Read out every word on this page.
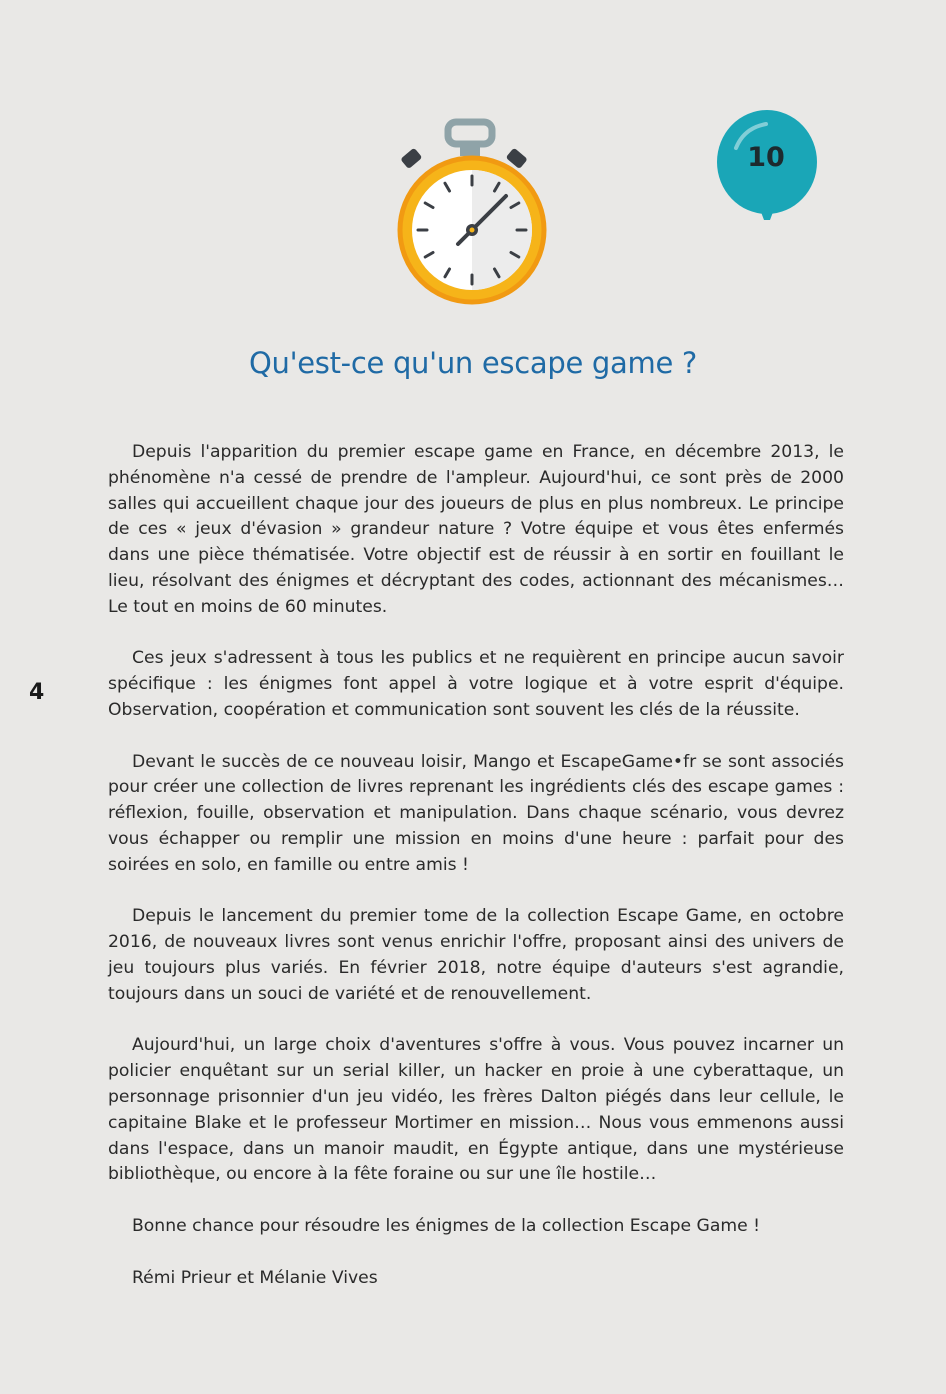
10
Qu'est-ce qu'un escape game ?
4

Depuis l'apparition du premier escape game en France, en décembre 2013, le phénomène n'a cessé de prendre de l'ampleur. Aujourd'hui, ce sont près de 2000 salles qui accueillent chaque jour des joueurs de plus en plus nombreux. Le principe de ces « jeux d'évasion » grandeur nature ? Votre équipe et vous êtes enfermés dans une pièce thématisée. Votre objectif est de réussir à en sortir en fouillant le lieu, résolvant des énigmes et décryptant des codes, actionnant des mécanismes… Le tout en moins de 60 minutes.

Ces jeux s'adressent à tous les publics et ne requièrent en principe aucun savoir spécifique : les énigmes font appel à votre logique et à votre esprit d'équipe. Observation, coopération et communication sont souvent les clés de la réussite.

Devant le succès de ce nouveau loisir, Mango et EscapeGame•fr se sont associés pour créer une collection de livres reprenant les ingrédients clés des escape games : réflexion, fouille, observation et manipulation. Dans chaque scénario, vous devrez vous échapper ou remplir une mission en moins d'une heure : parfait pour des soirées en solo, en famille ou entre amis !

Depuis le lancement du premier tome de la collection Escape Game, en octobre 2016, de nouveaux livres sont venus enrichir l'offre, proposant ainsi des univers de jeu toujours plus variés. En février 2018, notre équipe d'auteurs s'est agrandie, toujours dans un souci de variété et de renouvellement.

Aujourd'hui, un large choix d'aventures s'offre à vous. Vous pouvez incarner un policier enquêtant sur un serial killer, un hacker en proie à une cyberattaque, un personnage prisonnier d'un jeu vidéo, les frères Dalton piégés dans leur cellule, le capitaine Blake et le professeur Mortimer en mission… Nous vous emmenons aussi dans l'espace, dans un manoir maudit, en Égypte antique, dans une mystérieuse bibliothèque, ou encore à la fête foraine ou sur une île hostile…

Bonne chance pour résoudre les énigmes de la collection Escape Game !

Rémi Prieur et Mélanie Vives
